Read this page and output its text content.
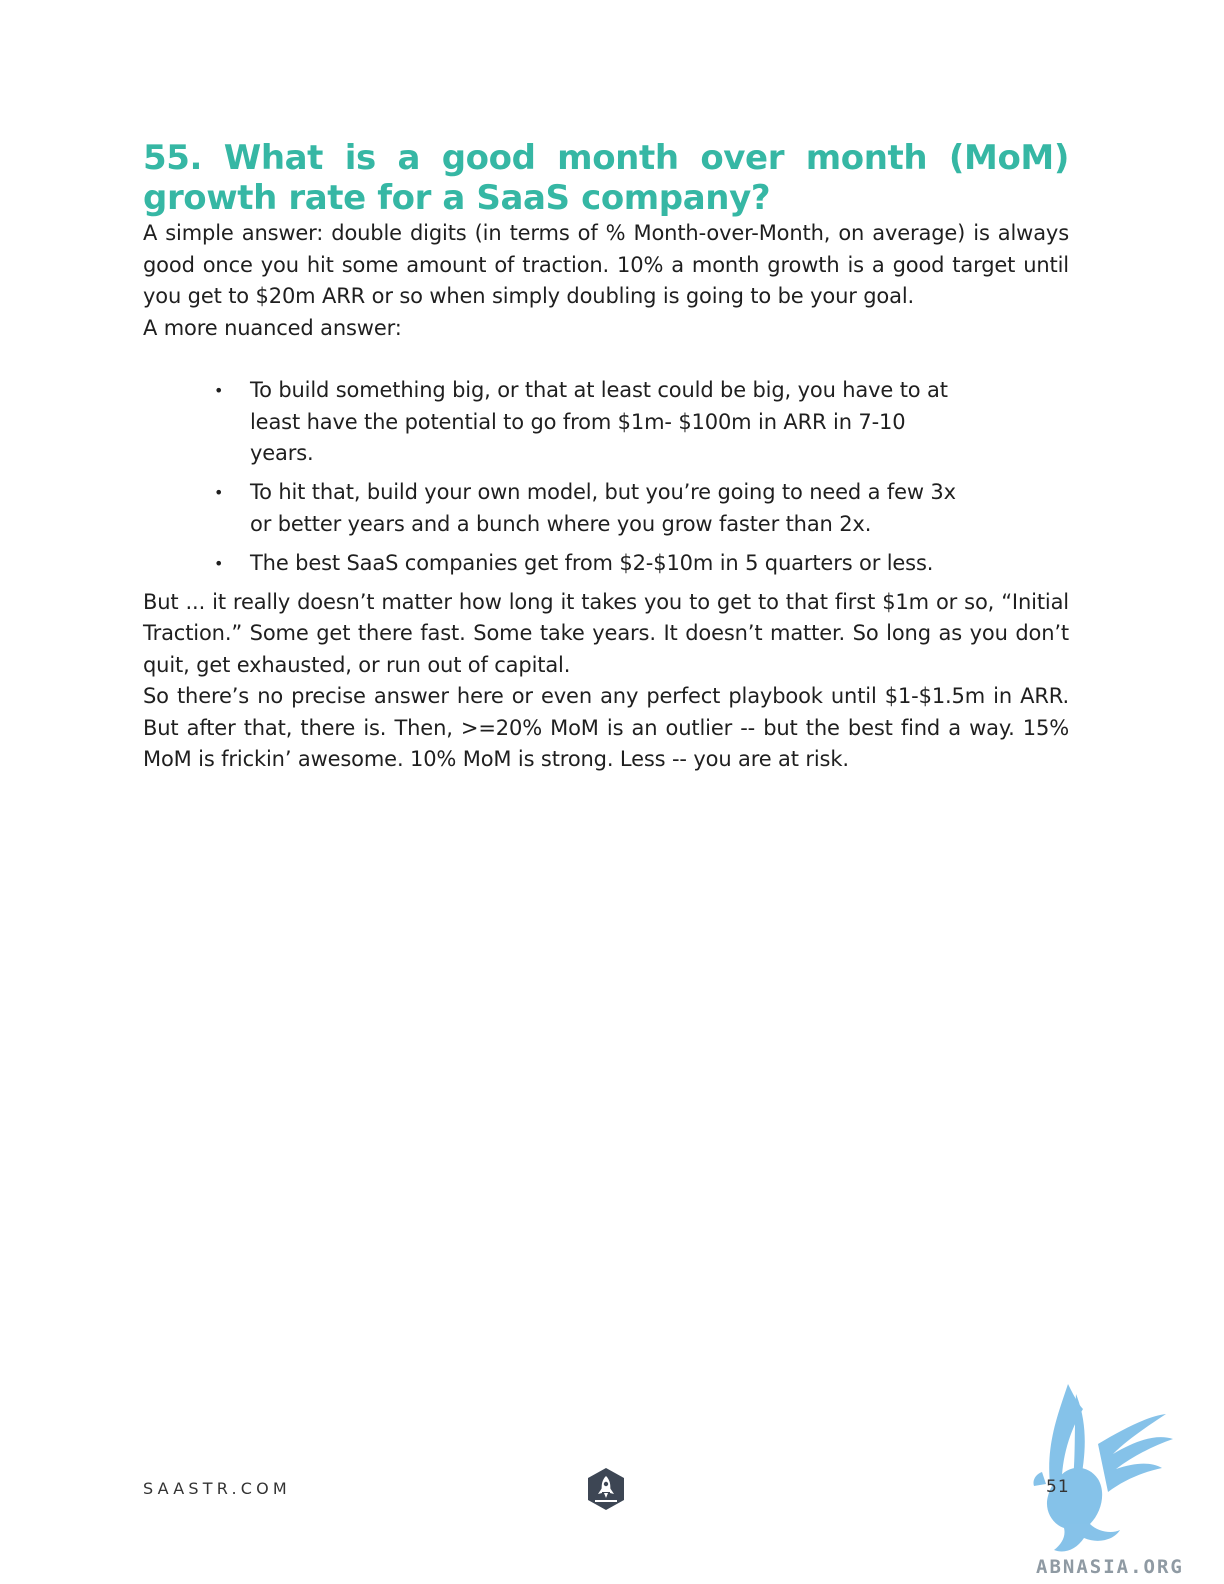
55. What is a good month over month (MoM) growth rate for a SaaS company?

A simple answer: double digits (in terms of % Month-over-Month, on average) is always good once you hit some amount of traction. 10% a month growth is a good target until you get to $20m ARR or so when simply doubling is going to be your goal.

A more nuanced answer:

• To build something big, or that at least could be big, you have to at least have the potential to go from $1m- $100m in ARR in 7-10 years.
• To hit that, build your own model, but you’re going to need a few 3x or better years and a bunch where you grow faster than 2x.
• The best SaaS companies get from $2-$10m in 5 quarters or less.

But ... it really doesn’t matter how long it takes you to get to that first $1m or so, “Initial Traction.” Some get there fast. Some take years. It doesn’t matter. So long as you don’t quit, get exhausted, or run out of capital.

So there’s no precise answer here or even any perfect playbook until $1-$1.5m in ARR. But after that, there is. Then, >=20% MoM is an outlier -- but the best find a way. 15% MoM is frickin’ awesome. 10% MoM is strong. Less -- you are at risk.

SAASTR.COM	51
ABNASIA.ORG
